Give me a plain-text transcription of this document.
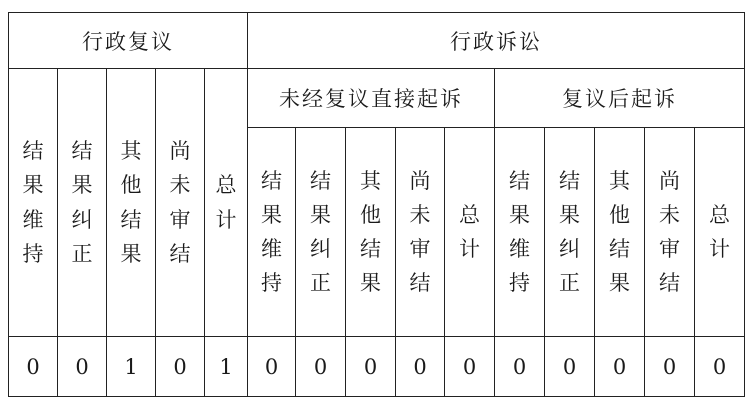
行政复议					行政诉讼									
结果维持	结果纠正	其他结果	尚未审结	总计	未经复议直接起诉					复议后起诉				
					结果维持	结果纠正	其他结果	尚未审结	总计	结果维持	结果纠正	其他结果	尚未审结	总计
0	0	1	0	1	0	0	0	0	0	0	0	0	0	0
